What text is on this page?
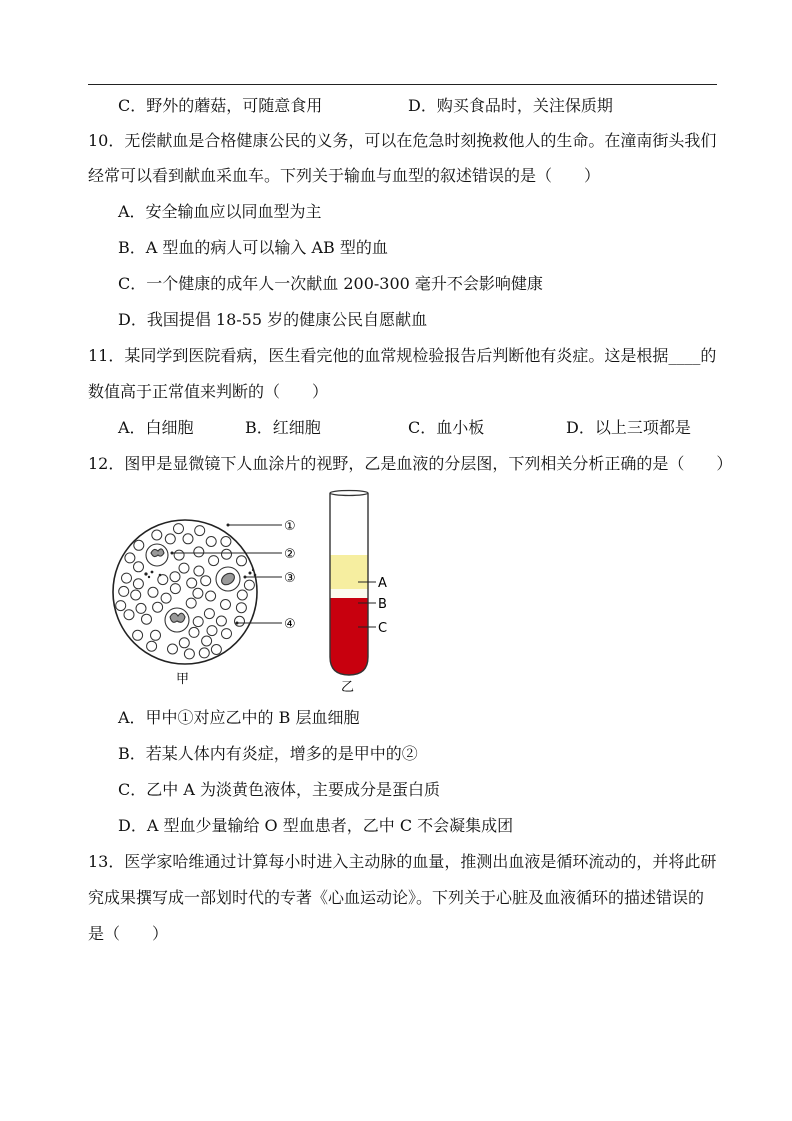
C．野外的蘑菇，可随意食用	D．购买食品时，关注保质期
10．无偿献血是合格健康公民的义务，可以在危急时刻挽救他人的生命。在潼南街头我们
经常可以看到献血采血车。下列关于输血与血型的叙述错误的是（　　）
A．安全输血应以同血型为主
B．A 型血的病人可以输入 AB 型的血
C．一个健康的成年人一次献血 200-300 毫升不会影响健康
D．我国提倡 18-55 岁的健康公民自愿献血
11．某同学到医院看病，医生看完他的血常规检验报告后判断他有炎症。这是根据____的
数值高于正常值来判断的（　　）
A．白细胞	B．红细胞	C．血小板	D．以上三项都是
12．图甲是显微镜下人血涂片的视野，乙是血液的分层图，下列相关分析正确的是（　　）
①
②
③
④
甲
A
B
C
乙
A．甲中①对应乙中的 B 层血细胞
B．若某人体内有炎症，增多的是甲中的②
C．乙中 A 为淡黄色液体，主要成分是蛋白质
D．A 型血少量输给 O 型血患者，乙中 C 不会凝集成团
13．医学家哈维通过计算每小时进入主动脉的血量，推测出血液是循环流动的，并将此研
究成果撰写成一部划时代的专著《心血运动论》。下列关于心脏及血液循环的描述错误的
是（　　）
